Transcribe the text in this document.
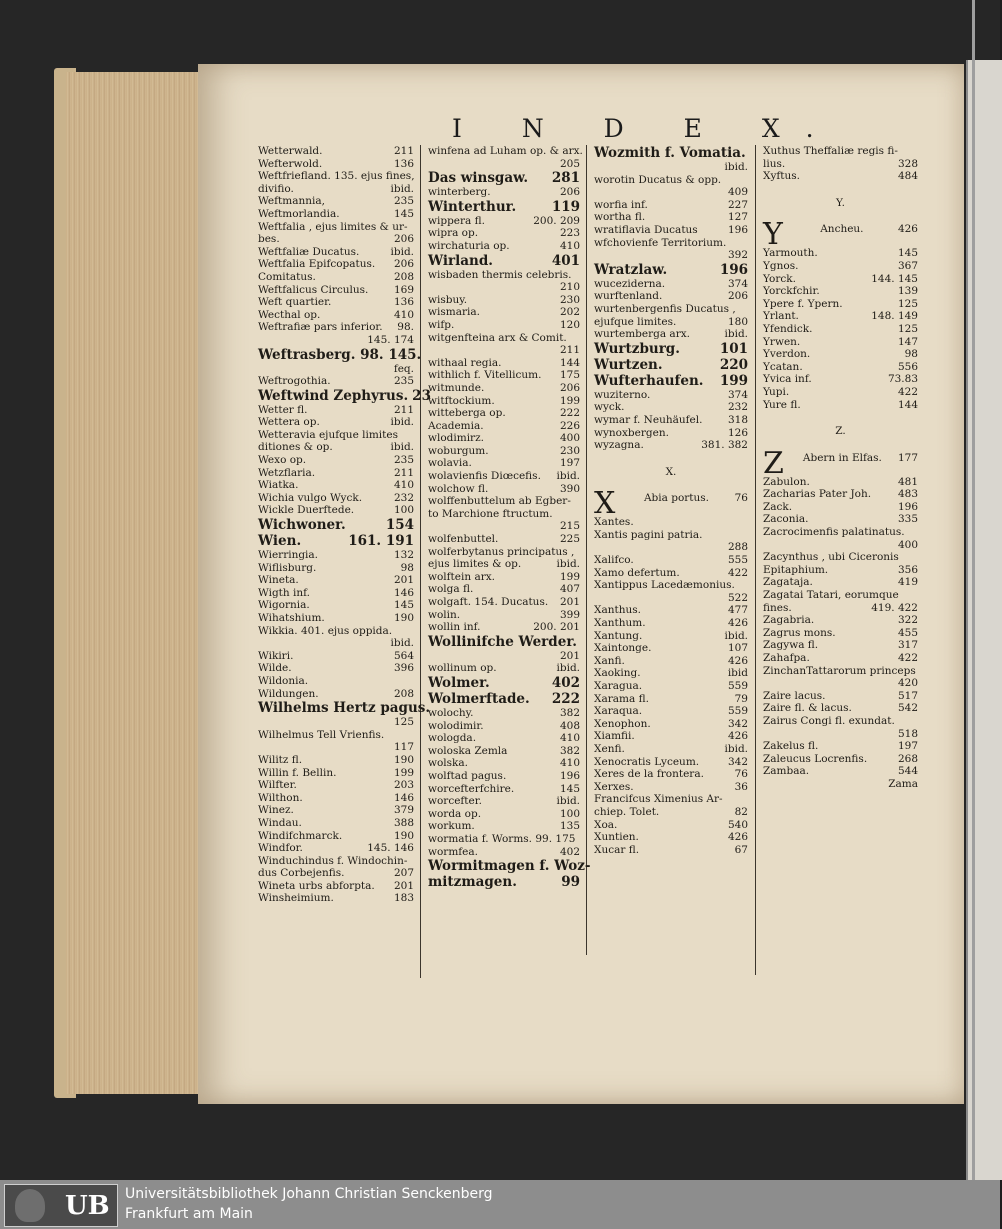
I N D E X.
Wetterwald.	211
Wefterwold.	136
Weftfriefland. 135. ejus fines,
divifio.	ibid.
Weftmannia,	235
Weftmorlandia.	145
Weftfalia , ejus limites & ur-
bes.	206
Weftfaliæ Ducatus.	ibid.
Weftfalia Epifcopatus. 206
Comitatus.	208
Weftfalicus Circulus. 169
Weft quartier.	136
Wecthal op.	410
Weftrafiæ pars inferior. 98.
145. 174
Weftrasberg. 98. 145.
feq.
Weftrogothia.	235
Weftwind Zephyrus. 23
Wetter fl.	211
Wettera op.	ibid.
Wetteravia ejufque limites
ditiones & op.	ibid.
Wexo op.	235
Wetzflaria.	211
Wiatka.	410
Wichia vulgo Wyck.	232
Wickle Duerftede.	100
Wichwoner.	154
Wien.	161. 191
Wierringia.	132
Wiflisburg.	98
Wineta.	201
Wigth inf.	146
Wigornia.	145
Wihatshium.	190
Wikkia. 401. ejus oppida.
ibid.
Wikiri.	564
Wilde.	396
Wildonia.
Wildungen.	208
Wilhelms Hertz pagus.
125
Wilhelmus Tell Vrienfis.
117
Wilitz fl.	190
Willin f. Bellin.	199
Wilfter.	203
Wilthon.	146
Winez.	379
Windau.	388
Windifchmarck.	190
Windfor.	145. 146
Winduchindus f. Windochin-
dus Corbejenfis.	207
Wineta urbs abforpta. 201
Winsheimium.	183
winfena ad Luham op. & arx.
205
Das winsgaw. 281
winterberg.	206
Winterthur.	119
wippera fl.	200. 209
wipra op.	223
wirchaturia op.	410
Wirland.	401
wisbaden thermis celebris.
210
wisbuy.	230
wismaria.	202
wifp.	120
witgenfteina arx & Comit.
211
withaal regia.	144
withlich f. Vitellicum. 175
witmunde.	206
witftockium.	199
witteberga op.	222
Academia.	226
wlodimirz.	400
woburgum.	230
wolavia.	197
wolavienfis Diœcefis. ibid.
wolchow fl.	390
wolffenbuttelum ab Egber-
to Marchione ftructum.
215
wolfenbuttel.	225
wolferbytanus principatus ,
ejus limites & op.	ibid.
wolftein arx.	199
wolga fl.	407
wolgaft. 154. Ducatus. 201
wolin.	399
wollin inf.	200. 201
Wollinifche Werder.
201
wollinum op.	ibid.
Wolmer.	402
Wolmerftade. 222
wolochy.	382
wolodimir.	408
wologda.	410
woloska Zemla	382
wolska.	410
wolftad pagus.	196
worcefterfchire.	145
worcefter.	ibid.
worda op.	100
workum.	135
wormatia f. Worms. 99. 175
wormfea.	402
Wormitmagen f. Woz-
mitzmagen.	99
Wozmith f. Vomatia.
ibid.
worotin Ducatus & opp.
409
worfia inf.	227
wortha fl.	127
wratiflavia Ducatus	196
wfchovienfe Territorium.
392
Wratzlaw.	196
wuceziderna.	374
wurftenland.	206
wurtenbergenfis Ducatus ,
ejufque limites.	180
wurtemberga arx.	ibid.
Wurtzburg.	101
Wurtzen.	220
Wufterhaufen. 199
wuziterno.	374
wyck.	232
wymar f. Neuhäufel. 318
wynoxbergen.	126
wyzagna.	381. 382
X.
X	Abia portus. 76
Xantes.
Xantis pagini patria.
288
Xalifco.	555
Xamo defertum.	422
Xantippus Lacedæmonius.
522
Xanthus.	477
Xanthum.	426
Xantung.	ibid.
Xaintonge.	107
Xanfi.	426
Xaoking.	ibid
Xaragua.	559
Xarama fl.	79
Xaraqua.	559
Xenophon.	342
Xiamfii.	426
Xenfi.	ibid.
Xenocratis Lyceum.	342
Xeres de la frontera.	76
Xerxes.	36
Francifcus Ximenius Ar-
chiep. Tolet.	82
Xoa.	540
Xuntien.	426
Xucar fl.	67
Xuthus Theffaliæ regis fi-
lius.	328
Xyftus.	484
Y.
Y	Ancheu.	426
Yarmouth.	145
Ygnos.	367
Yorck.	144. 145
Yorckfchir.	139
Ypere f. Ypern.	125
Yrlant.	148. 149
Yfendick.	125
Yrwen.	147
Yverdon.	98
Ycatan.	556
Yvica inf.	73.83
Yupi.	422
Yure fl.	144
Z.
Z Abern in Elfas. 177
Zabulon.	481
Zacharias Pater Joh.	483
Zack.	196
Zaconia.	335
Zacrocimenfis palatinatus.
400
Zacynthus , ubi Ciceronis
Epitaphium.	356
Zagataja.	419
Zagatai Tatari, eorumque
fines.	419. 422
Zagabria.	322
Zagrus mons.	455
Zagywa fl.	317
Zahafpa.	422
ZinchanTattarorum princeps
420
Zaire lacus.	517
Zaire fl. & lacus.	542
Zairus Congi fl. exundat.
518
Zakelus fl.	197
Zaleucus Locrenfis.	268
Zambaa.	544
Zama
UB Universitätsbibliothek Johann Christian Senckenberg
Frankfurt am Main
